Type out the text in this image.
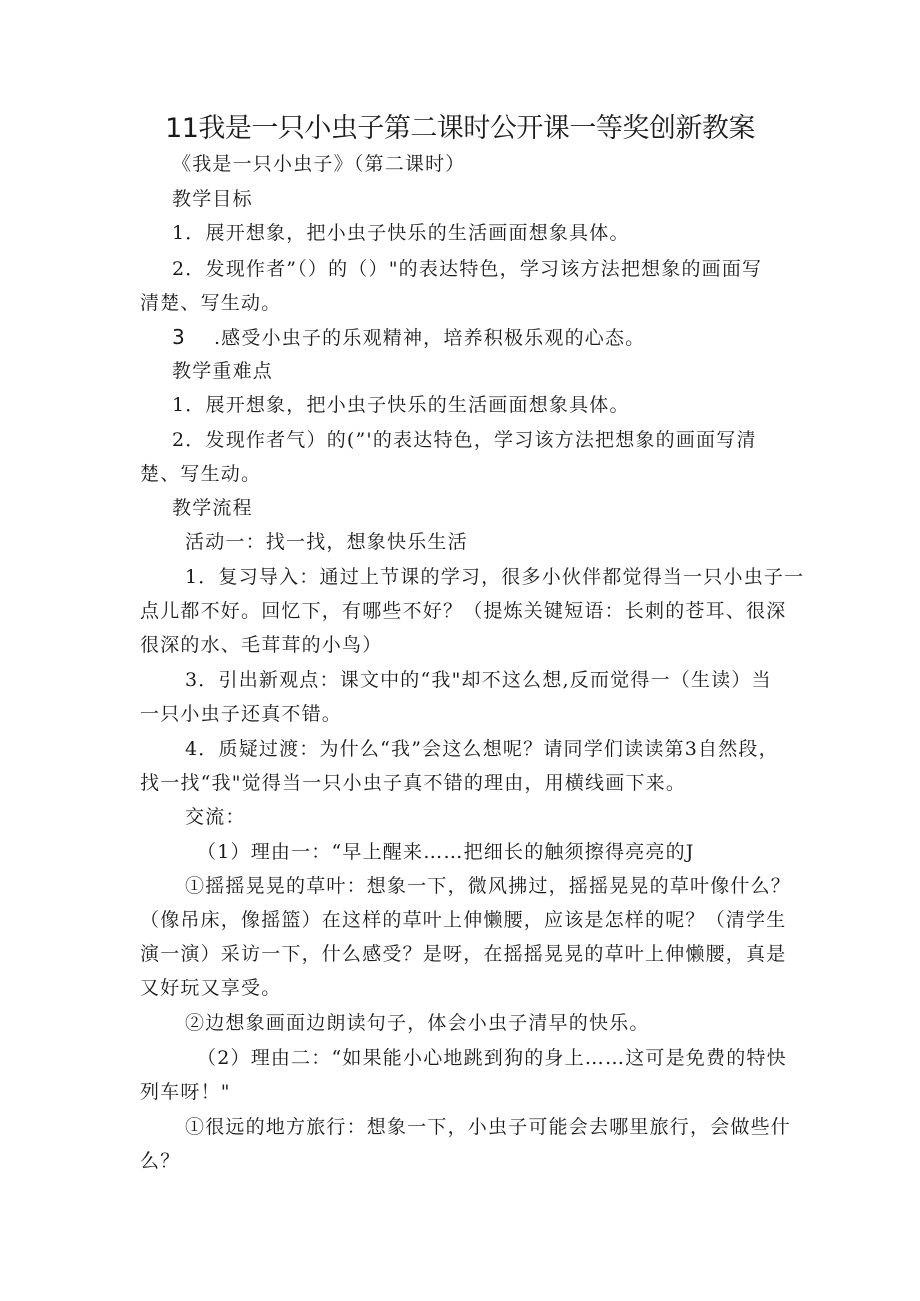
11我是一只小虫子第二课时公开课一等奖创新教案
《我是一只小虫子》（第二课时）
教学目标
1．展开想象，把小虫子快乐的生活画面想象具体。
2．发现作者”（）的（）"的表达特色，学习该方法把想象的画面写
清楚、写生动。
3 .感受小虫子的乐观精神，培养积极乐观的心态。
教学重难点
1．展开想象，把小虫子快乐的生活画面想象具体。
2．发现作者气）的(”'的表达特色，学习该方法把想象的画面写清
楚、写生动。
教学流程
活动一：找一找，想象快乐生活
1．复习导入：通过上节课的学习，很多小伙伴都觉得当一只小虫子一
点儿都不好。回忆下，有哪些不好？（提炼关键短语：长刺的苍耳、很深
很深的水、毛茸茸的小鸟）
3．引出新观点：课文中的“我"却不这么想,反而觉得一（生读）当
一只小虫子还真不错。
4．质疑过渡：为什么“我”会这么想呢？请同学们读读第3自然段，
找一找“我"觉得当一只小虫子真不错的理由，用横线画下来。
交流：
（1）理由一：“早上醒来……把细长的触须擦得亮亮的J
①摇摇晃晃的草叶：想象一下，微风拂过，摇摇晃晃的草叶像什么？
（像吊床，像摇篮）在这样的草叶上伸懒腰，应该是怎样的呢？（清学生
演一演）采访一下，什么感受？是呀，在摇摇晃晃的草叶上伸懒腰，真是
又好玩又享受。
②边想象画面边朗读句子，体会小虫子清早的快乐。
（2）理由二：“如果能小心地跳到狗的身上……这可是免费的特快
列车呀！"
①很远的地方旅行：想象一下，小虫子可能会去哪里旅行，会做些什
么？
